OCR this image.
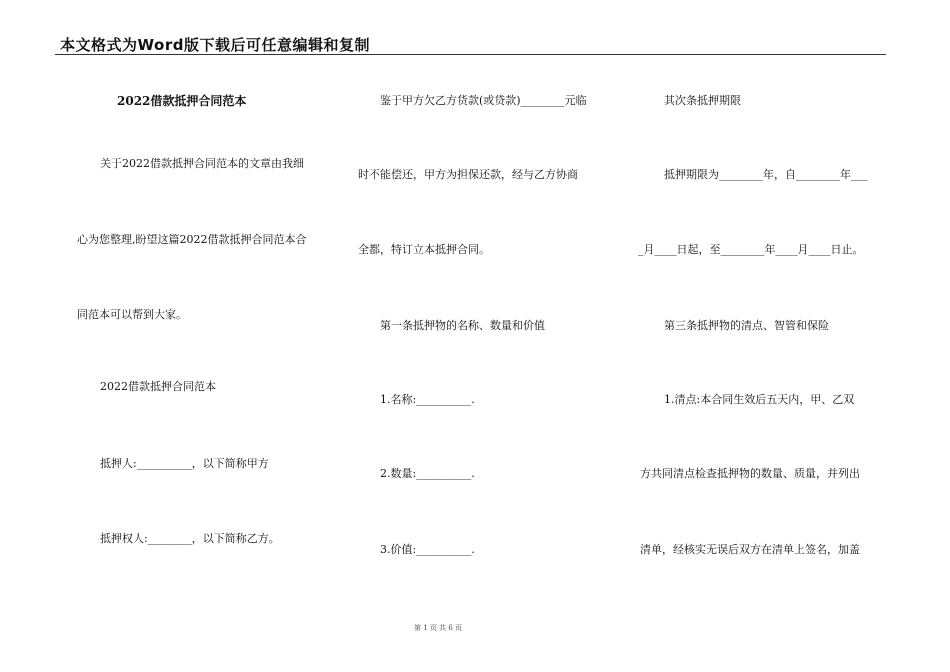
本文格式为Word版下载后可任意编辑和复制
2022借款抵押合同范本
关于2022借款抵押合同范本的文章由我细
心为您整理,盼望这篇2022借款抵押合同范本合
同范本可以帮到大家。
2022借款抵押合同范本
抵押人:__________，以下简称甲方
抵押权人:________，以下简称乙方。
鉴于甲方欠乙方货款(或贷款)________元临
时不能偿还，甲方为担保还款，经与乙方协商
全都，特订立本抵押合同。
第一条抵押物的名称、数量和价值
1.名称:__________.
2.数量:__________.
3.价值:__________.
其次条抵押期限
抵押期限为________年，自________年___
_月____日起，至________年____月____日止。
第三条抵押物的清点、智管和保险
1.清点:本合同生效后五天内，甲、乙双
方共同清点检查抵押物的数量、质量，并列出
清单，经核实无误后双方在清单上签名，加盖
第 1 页 共 6 页
